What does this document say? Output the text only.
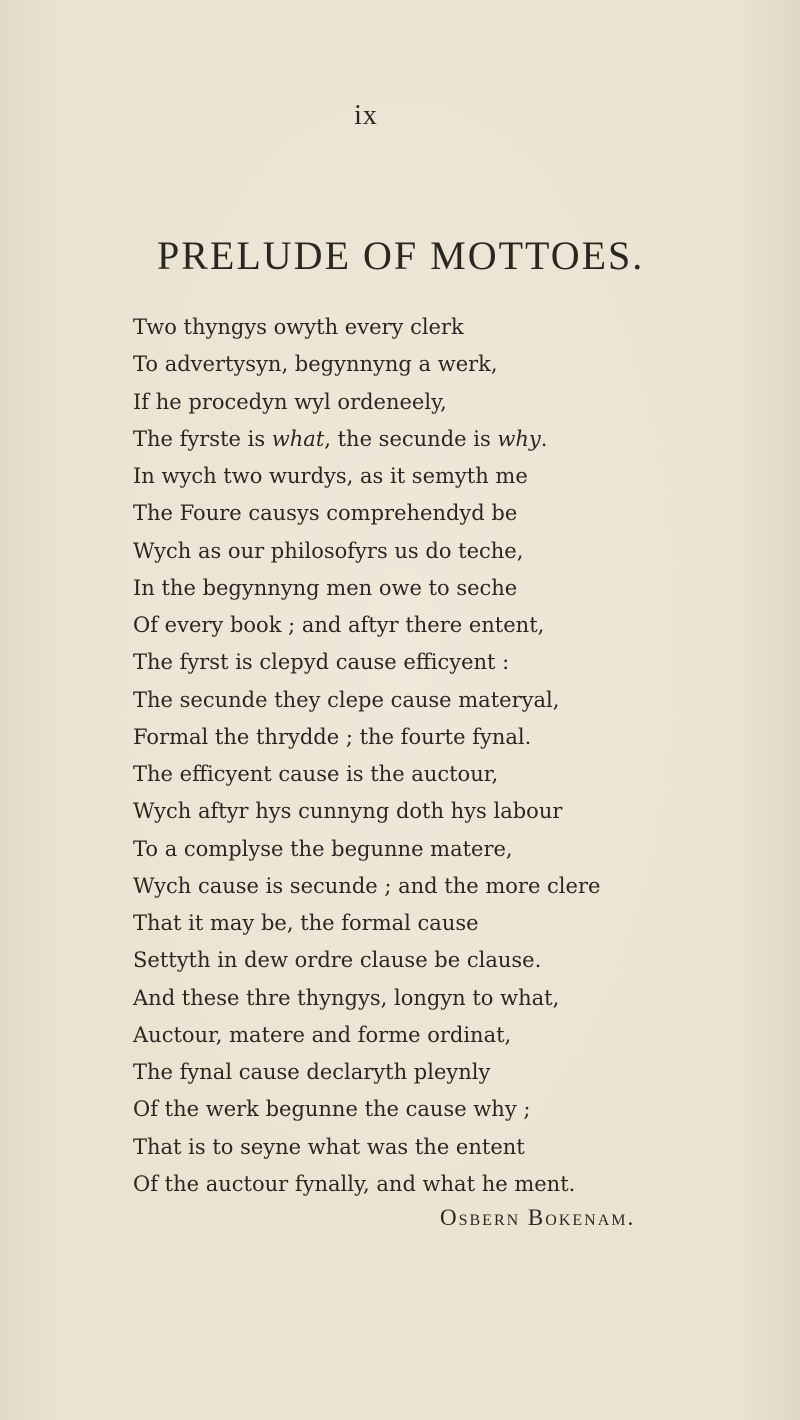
ix
PRELUDE OF MOTTOES.
Two thyngys owyth every clerk
To advertysyn, begynnyng a werk,
If he procedyn wyl ordeneely,
The fyrste is what, the secunde is why.
In wych two wurdys, as it semyth me
The Foure causys comprehendyd be
Wych as our philosofyrs us do teche,
In the begynnyng men owe to seche
Of every book ; and aftyr there entent,
The fyrst is clepyd cause efficyent :
The secunde they clepe cause materyal,
Formal the thrydde ; the fourte fynal.
The efficyent cause is the auctour,
Wych aftyr hys cunnyng doth hys labour
To a complyse the begunne matere,
Wych cause is secunde ; and the more clere
That it may be, the formal cause
Settyth in dew ordre clause be clause.
And these thre thyngys, longyn to what,
Auctour, matere and forme ordinat,
The fynal cause declaryth pleynly
Of the werk begunne the cause why ;
That is to seyne what was the entent
Of the auctour fynally, and what he ment.
Osbern Bokenam.
